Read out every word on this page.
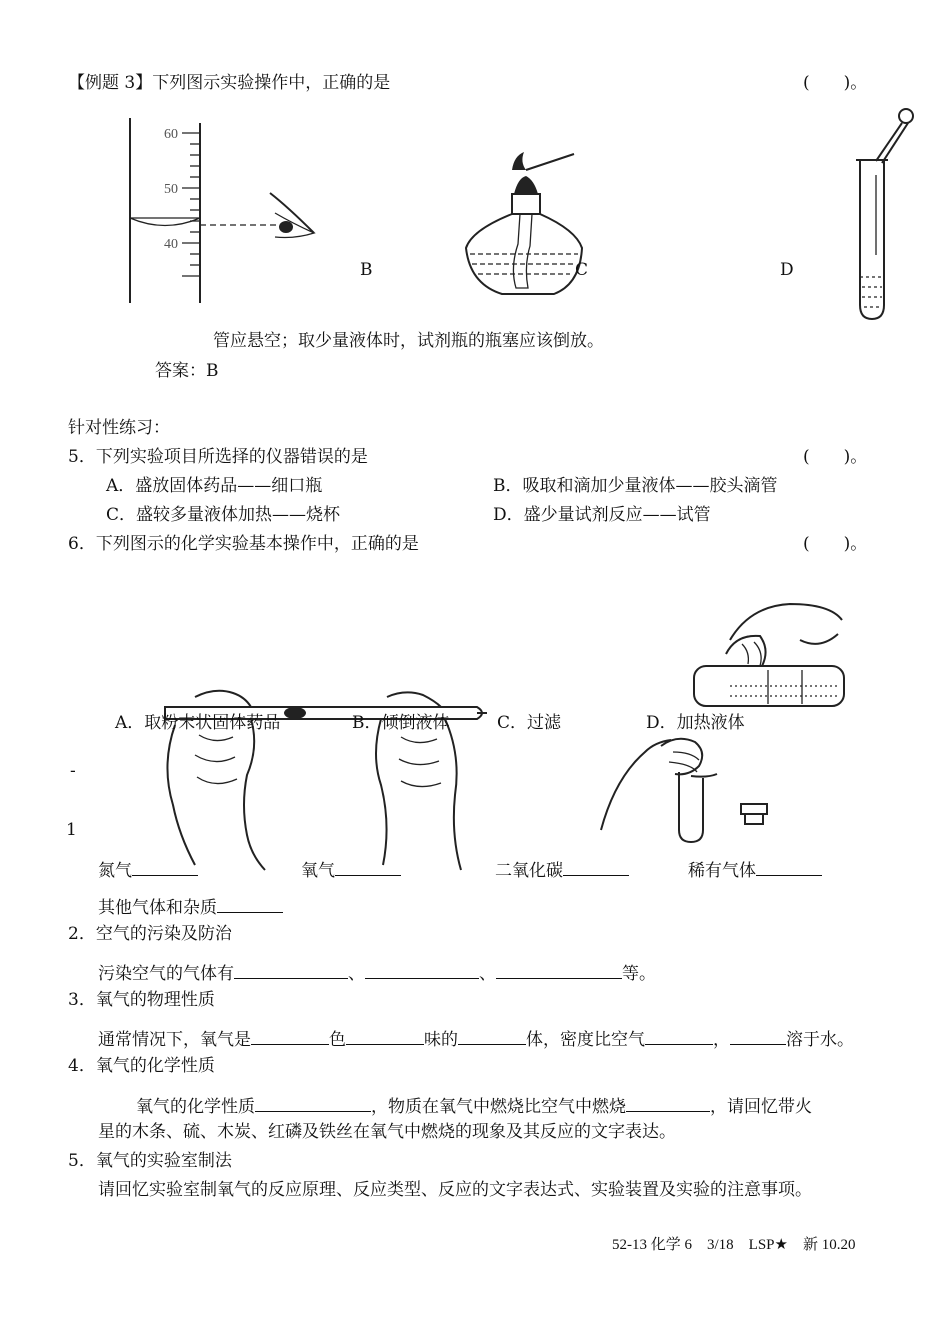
【例题 3】下列图示实验操作中，正确的是	(　　)。
60
50
40
B	C	D
管应悬空；取少量液体时，试剂瓶的瓶塞应该倒放。
答案：B
针对性练习：
5．下列实验项目所选择的仪器错误的是	(　　)。
A．盛放固体药品——细口瓶	B．吸取和滴加少量液体——胶头滴管
C．盛较多量液体加热——烧杯	D．盛少量试剂反应——试管
6．下列图示的化学实验基本操作中，正确的是	(　　)。
A．取粉末状固体药品	B．倾倒液体	C．过滤	D．加热液体
-
1
氮气	氧气	二氧化碳	稀有气体
其他气体和杂质
2．空气的污染及防治
污染空气的气体有	、	、	等。
3．氧气的物理性质
通常情况下，氧气是	色	味的	体，密度比空气	，	溶于水。
4．氧气的化学性质
氧气的化学性质	，物质在氧气中燃烧比空气中燃烧	，请回忆带火
星的木条、硫、木炭、红磷及铁丝在氧气中燃烧的现象及其反应的文字表达。
5．氧气的实验室制法
请回忆实验室制氧气的反应原理、反应类型、反应的文字表达式、实验装置及实验的注意事项。
52-13 化学 6　3/18　LSP★　新 10.20
